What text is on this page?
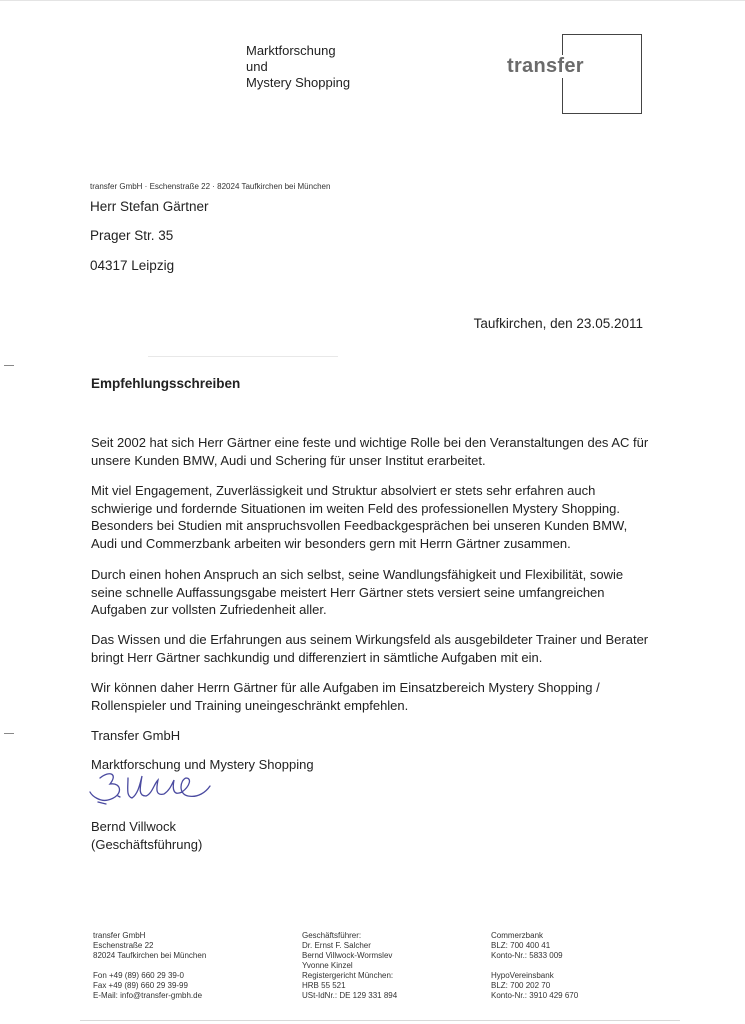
Marktforschung
und
Mystery Shopping
transfer
transfer GmbH · Eschenstraße 22 · 82024 Taufkirchen bei München
Herr Stefan Gärtner
Prager Str. 35
04317 Leipzig
Taufkirchen, den 23.05.2011
Empfehlungsschreiben
Seit 2002 hat sich Herr Gärtner eine feste und wichtige Rolle bei den Veranstaltungen des AC für unsere Kunden BMW, Audi und Schering für unser Institut erarbeitet.
Mit viel Engagement, Zuverlässigkeit und Struktur absolviert er stets sehr erfahren auch schwierige und fordernde Situationen im weiten Feld des professionellen Mystery Shopping. Besonders bei Studien mit anspruchsvollen Feedbackgesprächen bei unseren Kunden BMW, Audi und Commerzbank arbeiten wir besonders gern mit Herrn Gärtner zusammen.
Durch einen hohen Anspruch an sich selbst, seine Wandlungsfähigkeit und Flexibilität, sowie seine schnelle Auffassungsgabe meistert Herr Gärtner stets versiert seine umfangreichen Aufgaben zur vollsten Zufriedenheit aller.
Das Wissen und die Erfahrungen aus seinem Wirkungsfeld als ausgebildeter Trainer und Berater bringt Herr Gärtner sachkundig und differenziert in sämtliche Aufgaben mit ein.
Wir können daher Herrn Gärtner für alle Aufgaben im Einsatzbereich Mystery Shopping / Rollenspieler und Training uneingeschränkt empfehlen.
Transfer GmbH
Marktforschung und Mystery Shopping
Bernd Villwock
(Geschäftsführung)
transfer GmbH
Eschenstraße 22
82024 Taufkirchen bei München
Fon +49 (89) 660 29 39-0
Fax +49 (89) 660 29 39-99
E-Mail: info@transfer-gmbh.de
Geschäftsführer:
Dr. Ernst F. Salcher
Bernd Villwock-Wormslev
Yvonne Kinzel
Registergericht München:
HRB 55 521
USt-IdNr.: DE 129 331 894
Commerzbank
BLZ: 700 400 41
Konto-Nr.: 5833 009
HypoVereinsbank
BLZ: 700 202 70
Konto-Nr.: 3910 429 670
